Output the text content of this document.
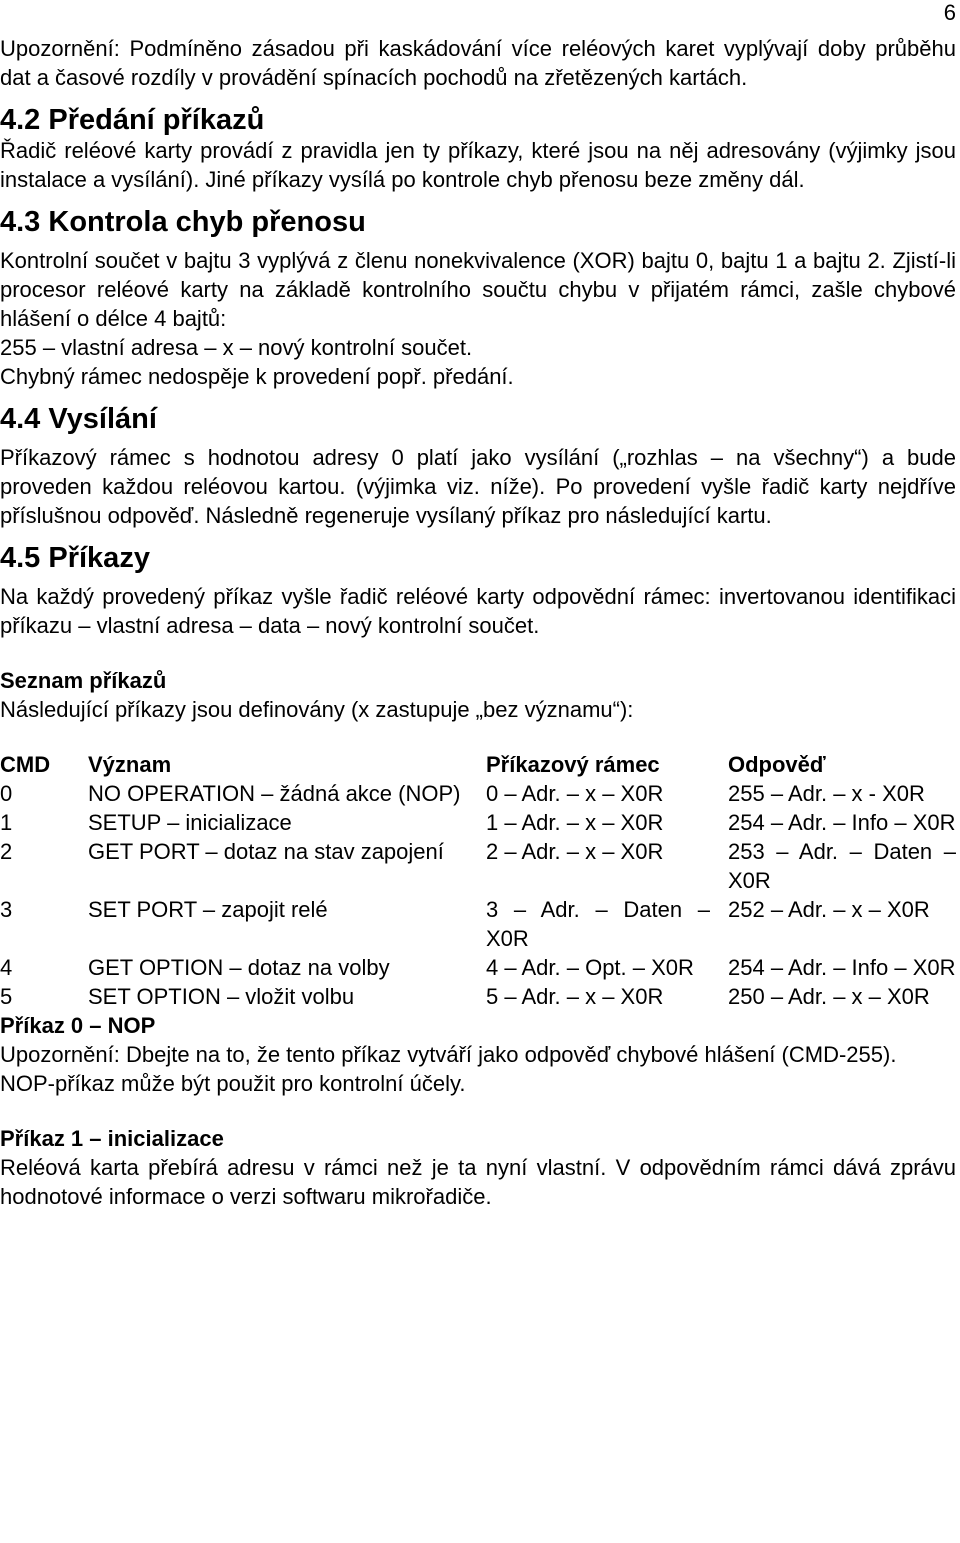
6

Upozornění: Podmíněno zásadou při kaskádování více reléových karet vyplývají doby průběhu dat a časové rozdíly v provádění spínacích pochodů na zřetězených kartách.

4.2 Předání příkazů

Řadič reléové karty provádí z pravidla jen ty příkazy, které jsou na něj adresovány (výjimky jsou instalace a vysílání). Jiné příkazy vysílá po kontrole chyb přenosu beze změny dál.

4.3 Kontrola chyb přenosu

Kontrolní součet v bajtu 3 vyplývá z členu nonekvivalence (XOR) bajtu 0, bajtu 1 a bajtu 2. Zjistí-li procesor reléové karty na základě kontrolního součtu chybu v přijatém rámci, zašle chybové hlášení o délce 4 bajtů:

255 – vlastní adresa – x – nový kontrolní součet.

Chybný rámec nedospěje k provedení popř. předání.

4.4 Vysílání

Příkazový rámec s hodnotou adresy 0 platí jako vysílání („rozhlas – na všechny“) a bude proveden každou reléovou kartou. (výjimka viz. níže). Po provedení vyšle řadič karty nejdříve příslušnou odpověď. Následně regeneruje vysílaný příkaz pro následující kartu.

4.5 Příkazy

Na každý provedený příkaz vyšle řadič reléové karty odpovědní rámec: invertovanou identifikaci příkazu – vlastní adresa – data – nový kontrolní součet.

Seznam příkazů

Následující příkazy jsou definovány (x zastupuje „bez významu“):

CMD	Význam	Příkazový rámec	Odpověď
0	NO OPERATION – žádná akce (NOP)	0 – Adr. – x – X0R	255 – Adr. – x - X0R
1	SETUP – inicializace	1 – Adr. – x – X0R	254 – Adr. – Info – X0R
2	GET PORT – dotaz na stav zapojení	2 – Adr. – x – X0R	253 – Adr. – Daten – X0R
3	SET PORT – zapojit relé	3 – Adr. – Daten – X0R	252 – Adr. – x – X0R
4	GET OPTION – dotaz na volby	4 – Adr. – Opt. – X0R	254 – Adr. – Info – X0R
5	SET OPTION – vložit volbu	5 – Adr. – x – X0R	250 – Adr. – x – X0R
Příkaz 0 – NOP

Upozornění: Dbejte na to, že tento příkaz vytváří jako odpověď chybové hlášení (CMD-255).

NOP-příkaz může být použit pro kontrolní účely.

Příkaz 1 – inicializace

Reléová karta přebírá adresu v rámci než je ta nyní vlastní. V odpovědním rámci dává zprávu hodnotové informace o verzi softwaru mikrořadiče.
